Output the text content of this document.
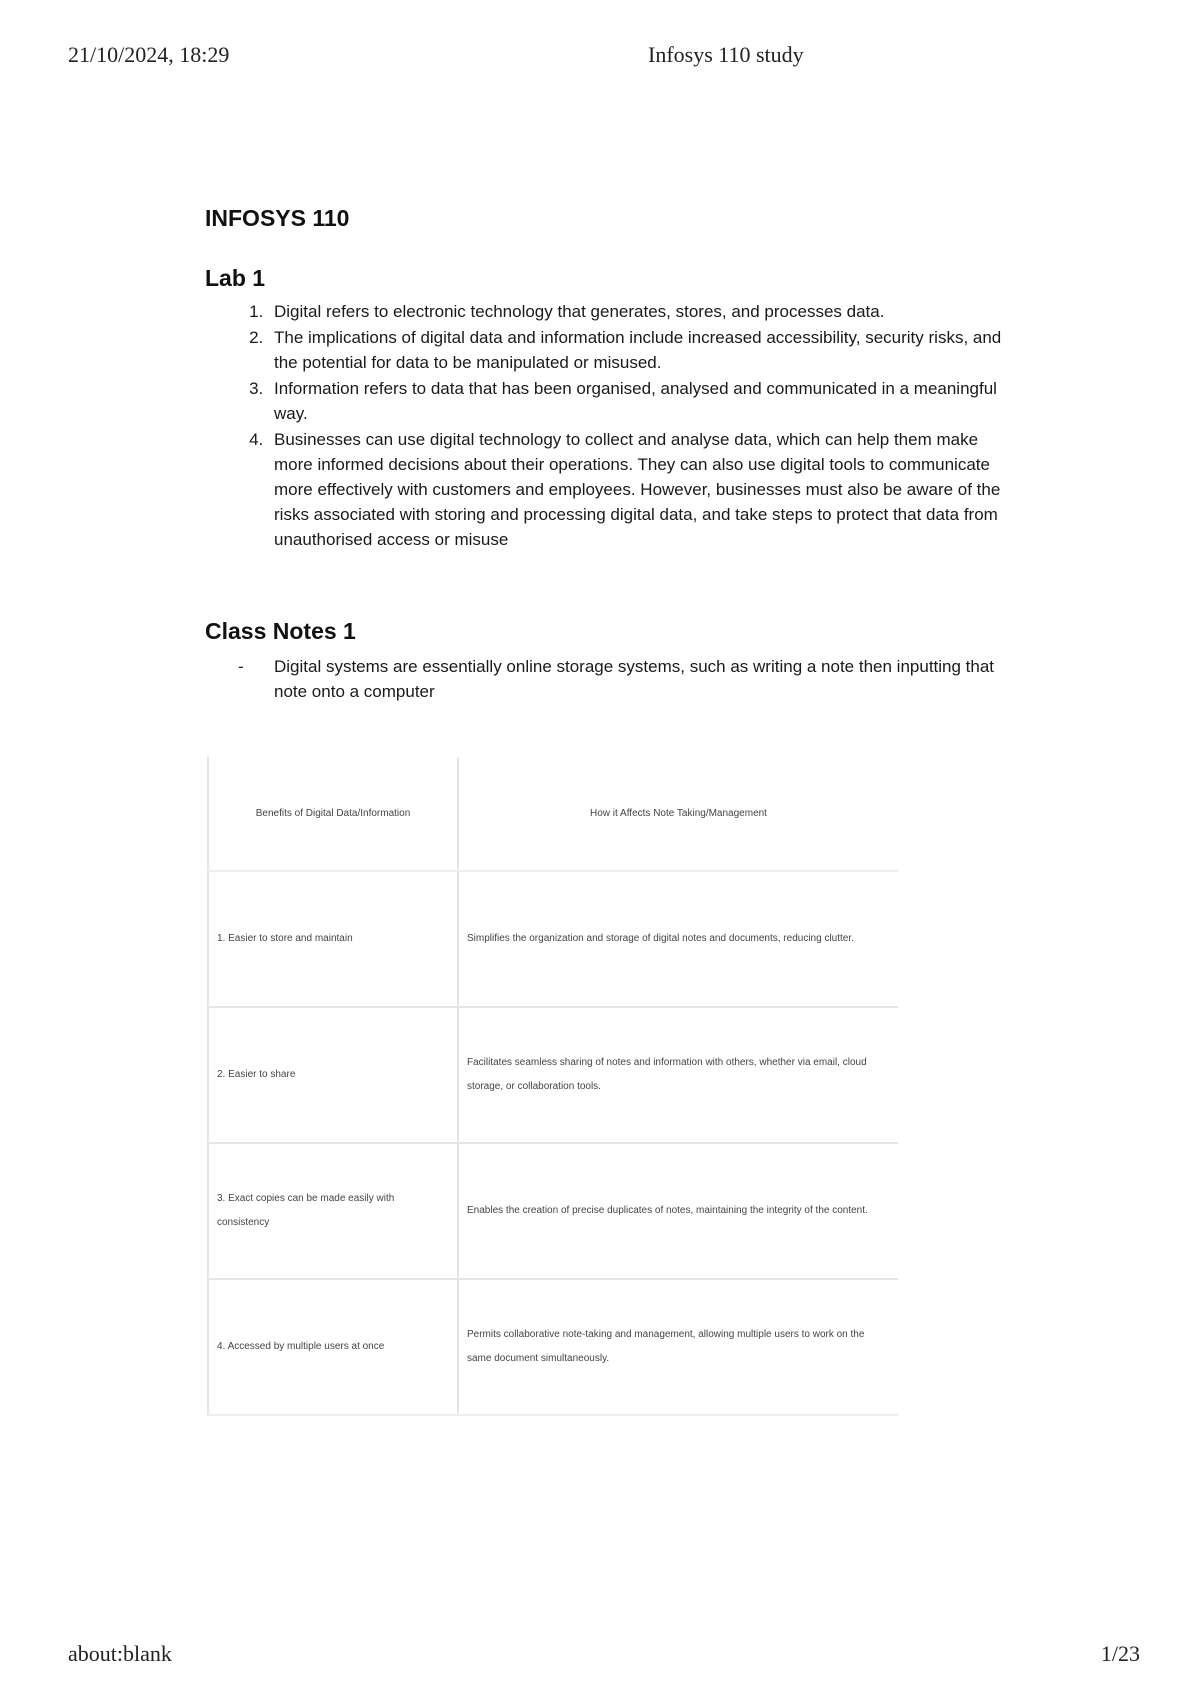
21/10/2024, 18:29	Infosys 110 study
INFOSYS 110
Lab 1
1. Digital refers to electronic technology that generates, stores, and processes data.
2. The implications of digital data and information include increased accessibility, security risks, and the potential for data to be manipulated or misused.
3. Information refers to data that has been organised, analysed and communicated in a meaningful way.
4. Businesses can use digital technology to collect and analyse data, which can help them make more informed decisions about their operations. They can also use digital tools to communicate more effectively with customers and employees. However, businesses must also be aware of the risks associated with storing and processing digital data, and take steps to protect that data from unauthorised access or misuse
Class Notes 1
- Digital systems are essentially online storage systems, such as writing a note then inputting that note onto a computer
Benefits of Digital Data/Information	How it Affects Note Taking/Management
1. Easier to store and maintain	Simplifies the organization and storage of digital notes and documents, reducing clutter.
2. Easier to share	Facilitates seamless sharing of notes and information with others, whether via email, cloud storage, or collaboration tools.
3. Exact copies can be made easily with consistency	Enables the creation of precise duplicates of notes, maintaining the integrity of the content.
4. Accessed by multiple users at once	Permits collaborative note-taking and management, allowing multiple users to work on the same document simultaneously.
about:blank	1/23
